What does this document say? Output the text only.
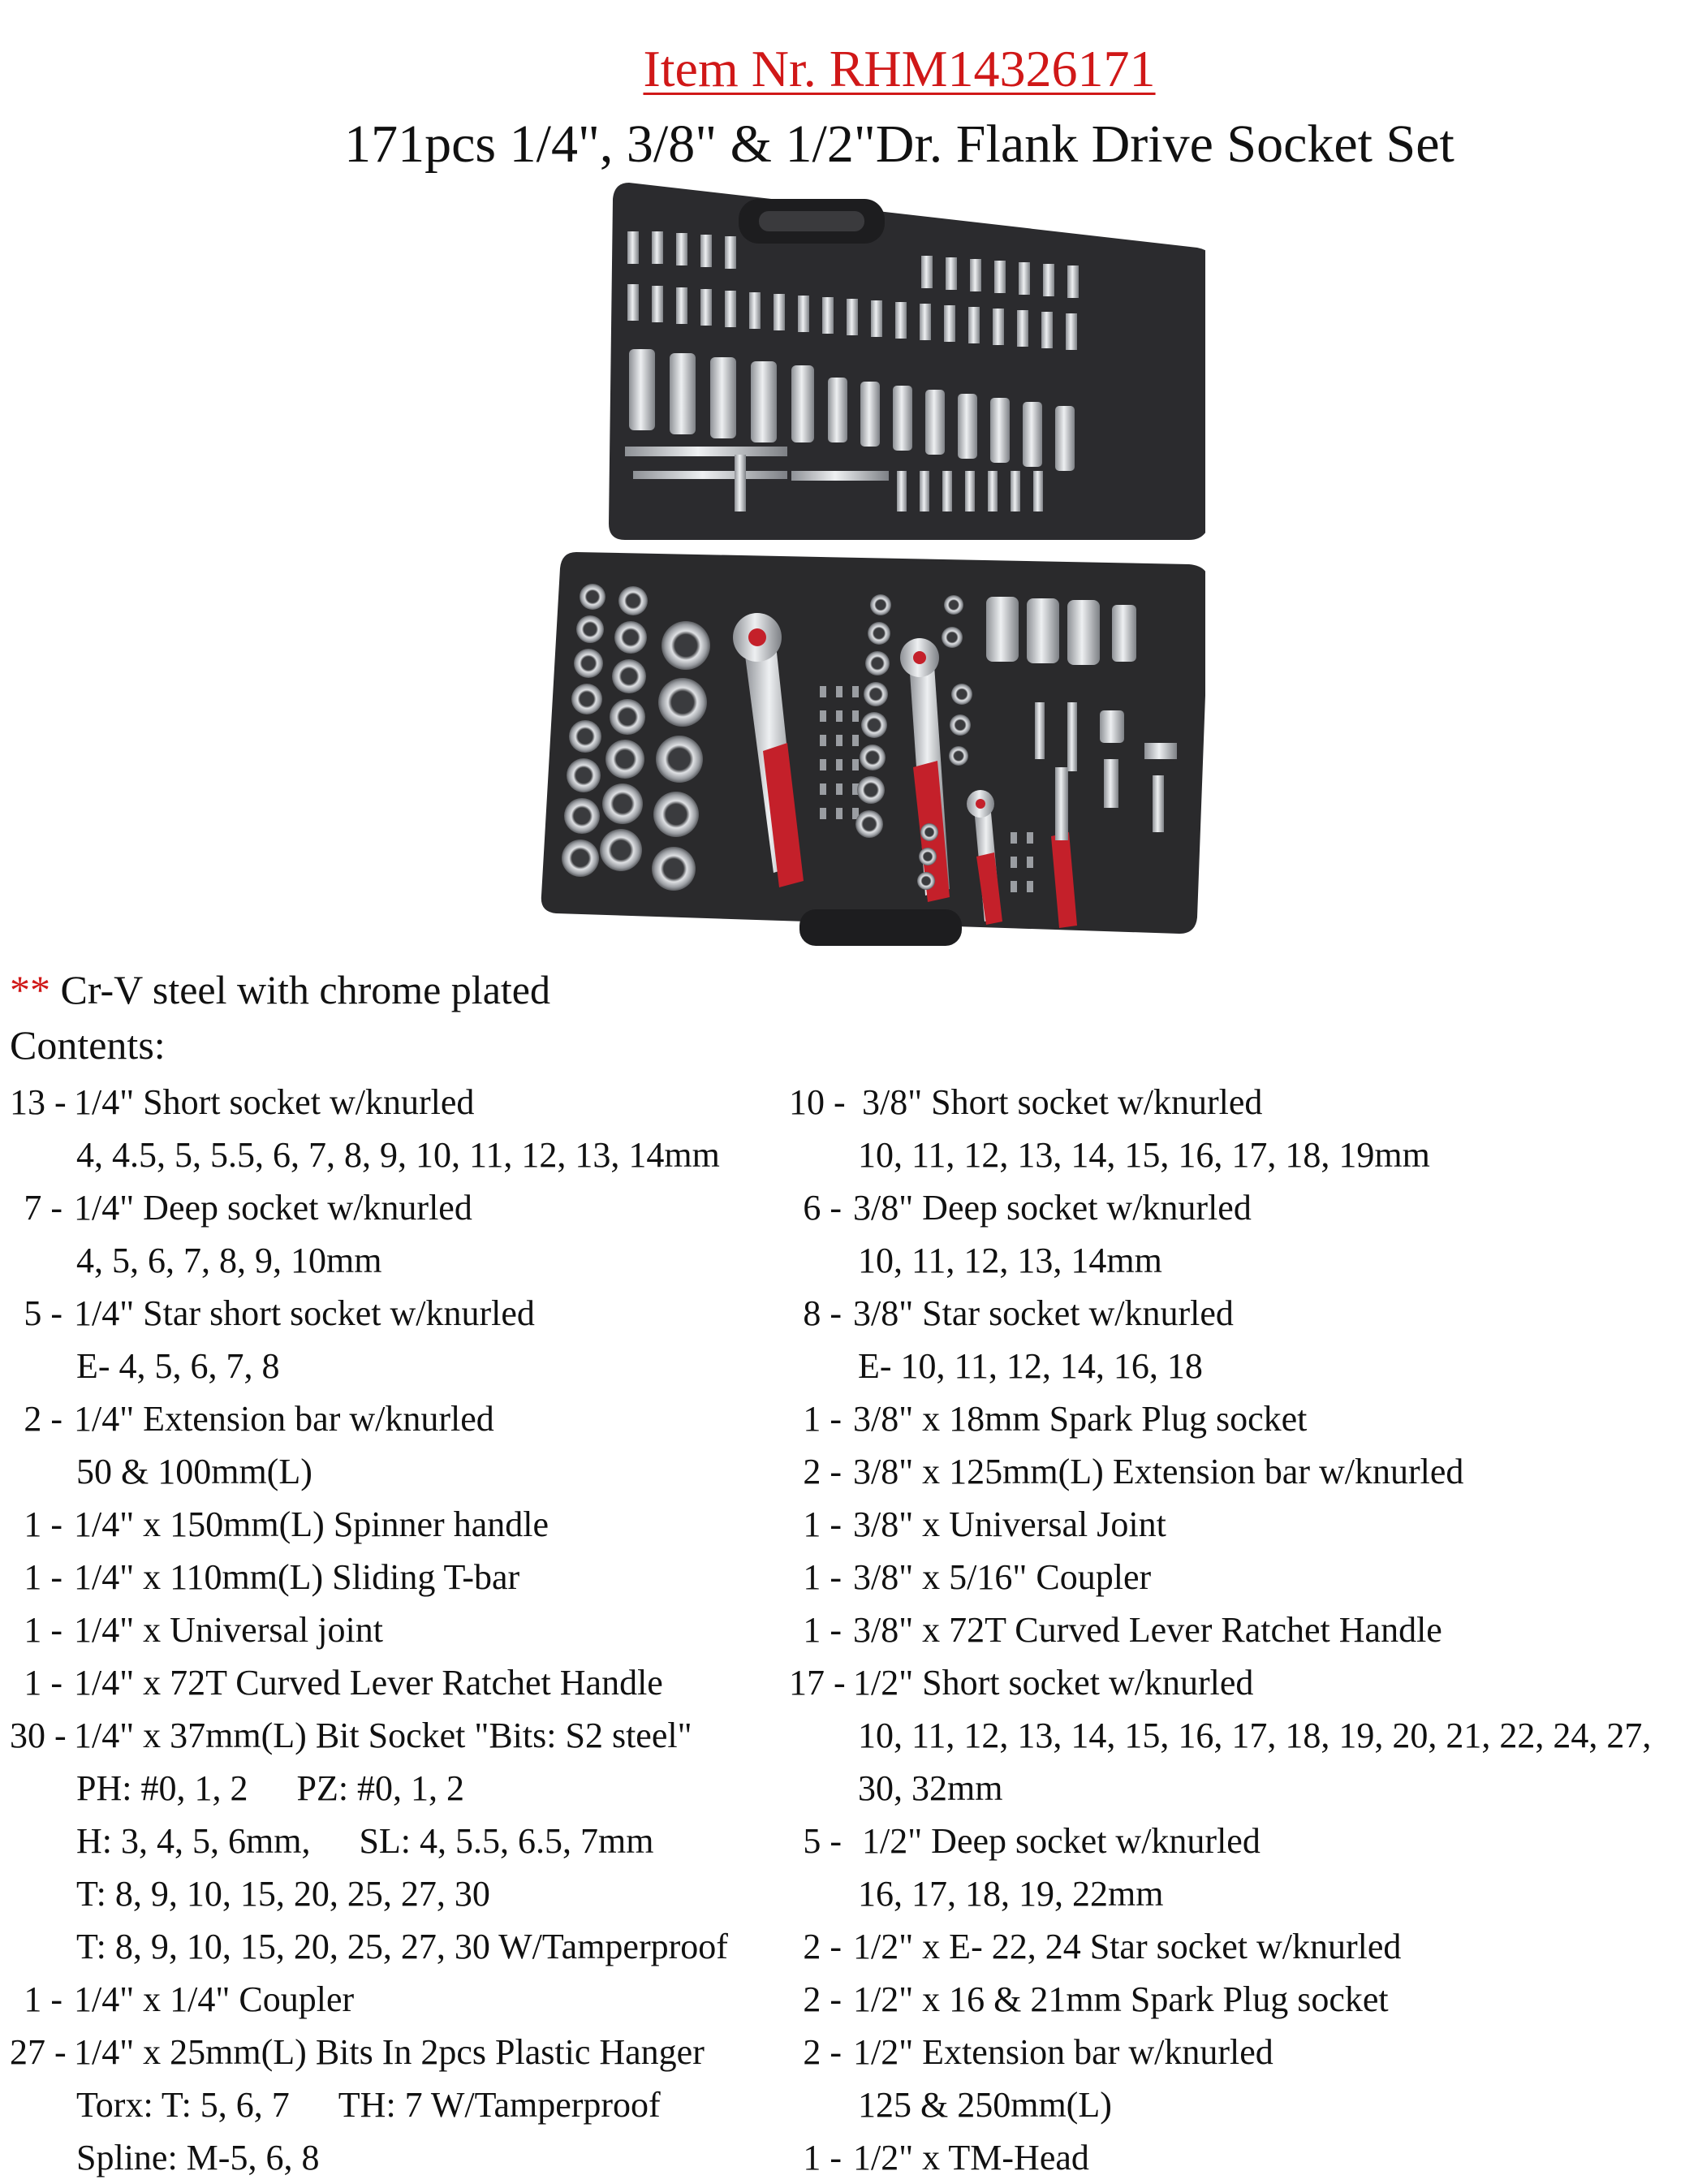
Item Nr. RHM14326171
171pcs 1/4", 3/8" & 1/2"Dr. Flank Drive Socket Set
** Cr-V steel with chrome plated
Contents:
13 - 1/4" Short socket w/knurled
4, 4.5, 5, 5.5, 6, 7, 8, 9, 10, 11, 12, 13, 14mm
7 - 1/4" Deep socket w/knurled
4, 5, 6, 7, 8, 9, 10mm
5 - 1/4" Star short socket w/knurled
E- 4, 5, 6, 7, 8
2 - 1/4" Extension bar w/knurled
50 & 100mm(L)
1 - 1/4" x 150mm(L) Spinner handle
1 - 1/4" x 110mm(L) Sliding T-bar
1 - 1/4" x Universal joint
1 - 1/4" x 72T Curved Lever Ratchet Handle
30 - 1/4" x 37mm(L) Bit Socket "Bits: S2 steel"
PH: #0, 1, 2 PZ: #0, 1, 2
H: 3, 4, 5, 6mm, SL: 4, 5.5, 6.5, 7mm
T: 8, 9, 10, 15, 20, 25, 27, 30
T: 8, 9, 10, 15, 20, 25, 27, 30 W/Tamperproof
1 - 1/4" x 1/4" Coupler
27 - 1/4" x 25mm(L) Bits In 2pcs Plastic Hanger
Torx: T: 5, 6, 7 TH: 7 W/Tamperproof
Spline: M-5, 6, 8
10 - 3/8" Short socket w/knurled
10, 11, 12, 13, 14, 15, 16, 17, 18, 19mm
6 - 3/8" Deep socket w/knurled
10, 11, 12, 13, 14mm
8 - 3/8" Star socket w/knurled
E- 10, 11, 12, 14, 16, 18
1 - 3/8" x 18mm Spark Plug socket
2 - 3/8" x 125mm(L) Extension bar w/knurled
1 - 3/8" x Universal Joint
1 - 3/8" x 5/16" Coupler
1 - 3/8" x 72T Curved Lever Ratchet Handle
17 - 1/2" Short socket w/knurled
10, 11, 12, 13, 14, 15, 16, 17, 18, 19, 20, 21, 22, 24, 27,
30, 32mm
5 - 1/2" Deep socket w/knurled
16, 17, 18, 19, 22mm
2 - 1/2" x E- 22, 24 Star socket w/knurled
2 - 1/2" x 16 & 21mm Spark Plug socket
2 - 1/2" Extension bar w/knurled
125 & 250mm(L)
1 - 1/2" x TM-Head
